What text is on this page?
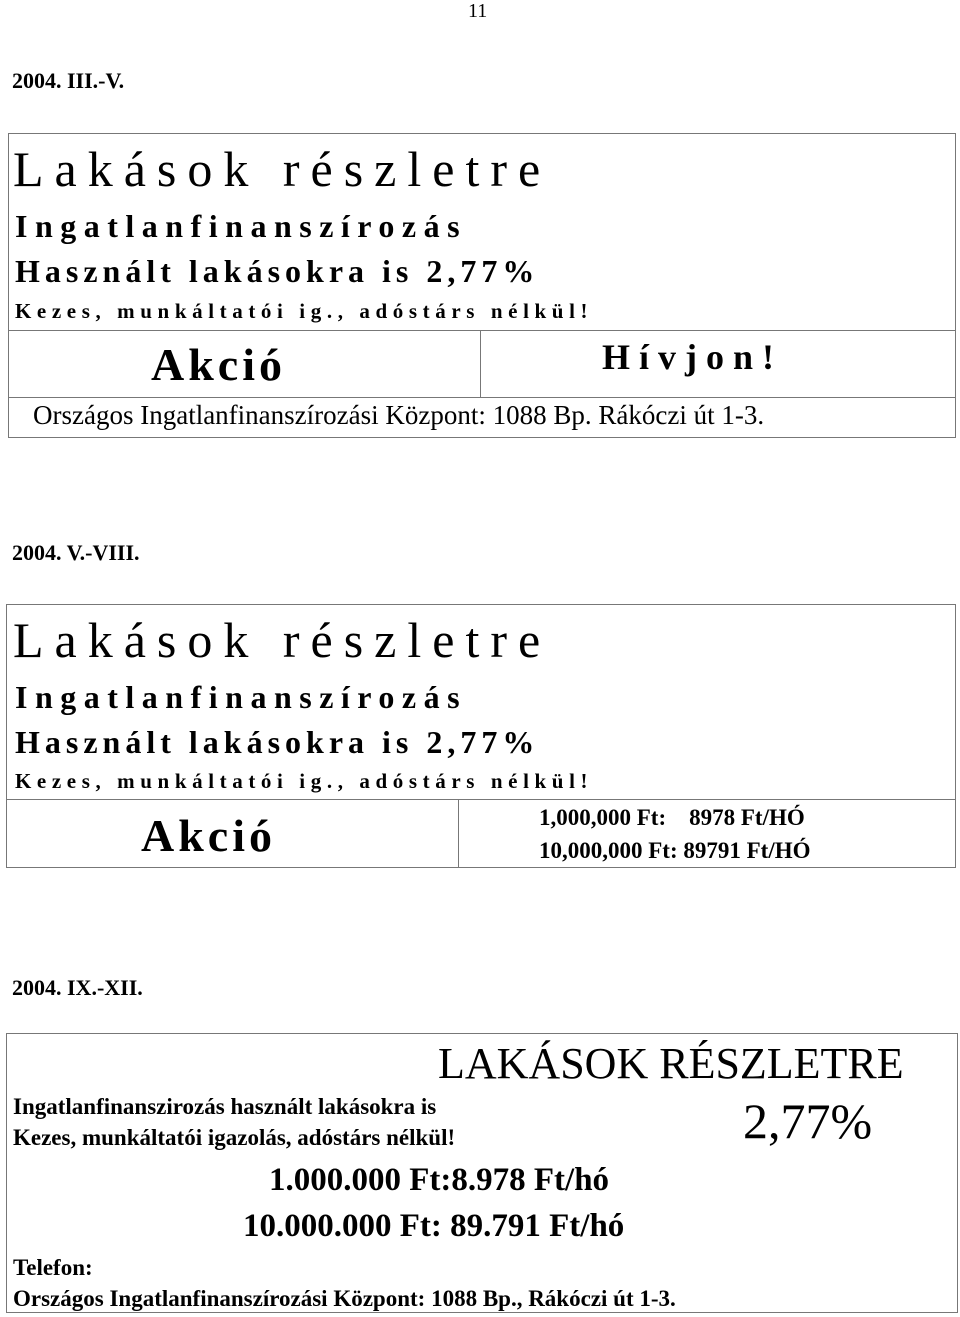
11
2004. III.-V.
Lakások részletre
Ingatlanfinanszírozás
Használt lakásokra is 2,77%
Kezes, munkáltatói ig., adóstárs nélkül!
Akció	Hívjon!
Országos Ingatlanfinanszírozási Központ: 1088 Bp. Rákóczi út 1-3.
2004. V.-VIII.
Lakások részletre
Ingatlanfinanszírozás
Használt lakásokra is 2,77%
Kezes, munkáltatói ig., adóstárs nélkül!
Akció	1,000,000 Ft:    8978 Ft/HÓ
10,000,000 Ft: 89791 Ft/HÓ
2004. IX.-XII.
LAKÁSOK RÉSZLETRE
Ingatlanfinanszirozás használt lakásokra is
Kezes, munkáltatói igazolás, adóstárs nélkül!	2,77%
1.000.000 Ft:8.978 Ft/hó
10.000.000 Ft: 89.791 Ft/hó
Telefon:
Országos Ingatlanfinanszírozási Központ: 1088 Bp., Rákóczi út 1-3.
